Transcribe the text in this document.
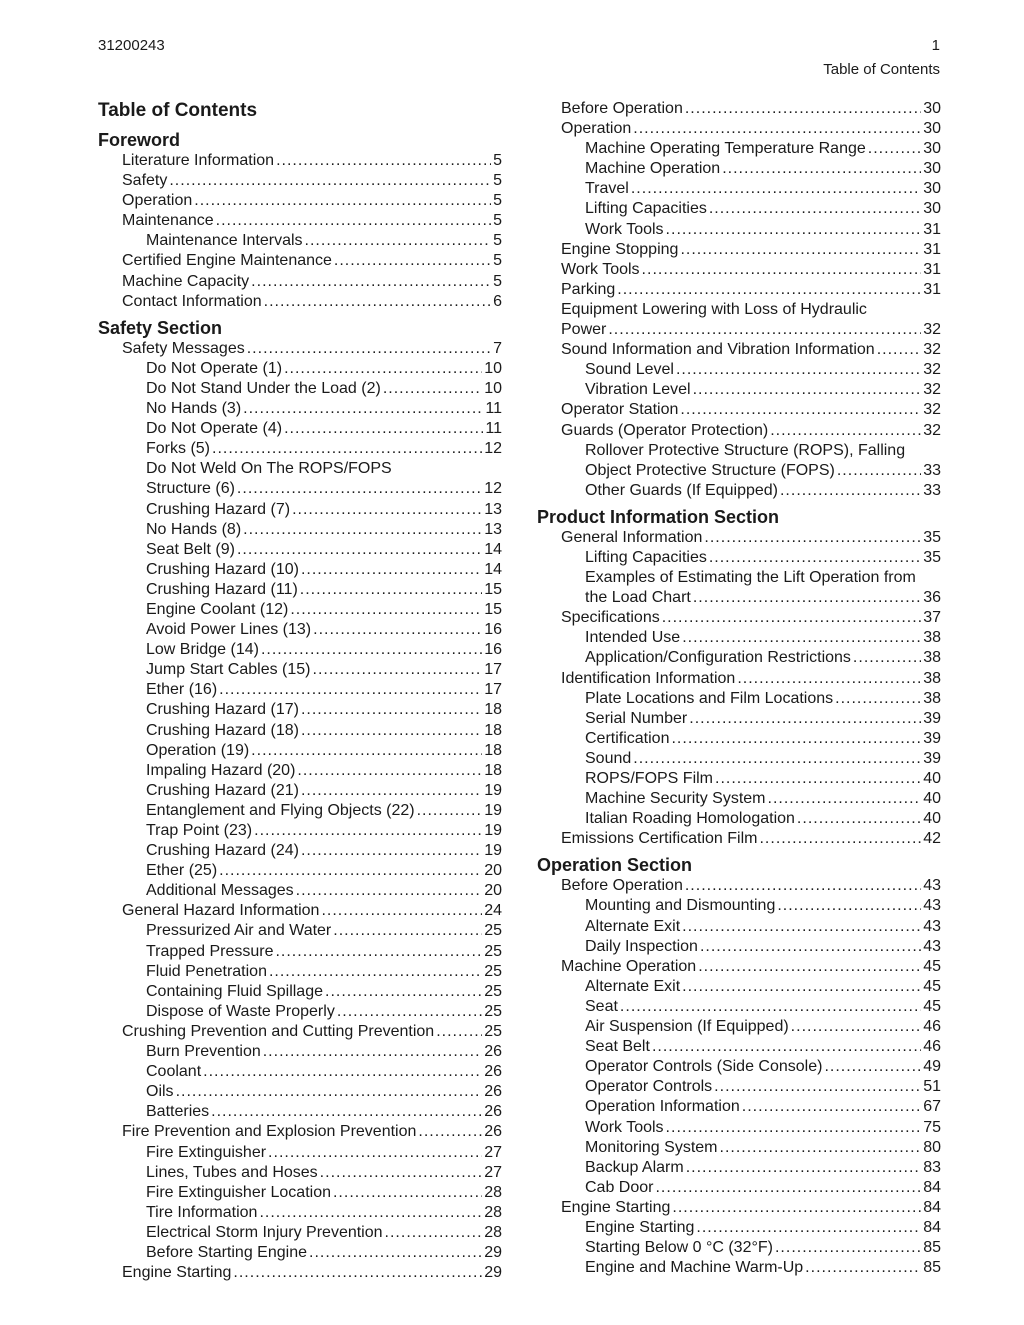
31200243	1
Table of Contents
Table of Contents
Foreword
Literature Information .....	5
Safety .....	5
Operation .....	5
Maintenance .....	5
Maintenance Intervals .....	5
Certified Engine Maintenance .....	5
Machine Capacity .....	5
Contact Information .....	6
Safety Section
Safety Messages .....	7
Do Not Operate (1) .....	10
Do Not Stand Under the Load (2) .....	10
No Hands (3) .....	11
Do Not Operate (4) .....	11
Forks (5) .....	12
Do Not Weld On The ROPS/FOPS
Structure (6) .....	12
Crushing Hazard (7) .....	13
No Hands (8) .....	13
Seat Belt (9) .....	14
Crushing Hazard (10) .....	14
Crushing Hazard (11) .....	15
Engine Coolant (12) .....	15
Avoid Power Lines (13) .....	16
Low Bridge (14) .....	16
Jump Start Cables (15) .....	17
Ether (16) .....	17
Crushing Hazard (17) .....	18
Crushing Hazard (18) .....	18
Operation (19) .....	18
Impaling Hazard (20) .....	18
Crushing Hazard (21) .....	19
Entanglement and Flying Objects (22) .....	19
Trap Point (23) .....	19
Crushing Hazard (24) .....	19
Ether (25) .....	20
Additional Messages .....	20
General Hazard Information .....	24
Pressurized Air and Water .....	25
Trapped Pressure .....	25
Fluid Penetration .....	25
Containing Fluid Spillage .....	25
Dispose of Waste Properly .....	25
Crushing Prevention and Cutting Prevention .....	25
Burn Prevention .....	26
Coolant .....	26
Oils .....	26
Batteries .....	26
Fire Prevention and Explosion Prevention .....	26
Fire Extinguisher .....	27
Lines, Tubes and Hoses .....	27
Fire Extinguisher Location .....	28
Tire Information .....	28
Electrical Storm Injury Prevention .....	28
Before Starting Engine .....	29
Engine Starting .....	29
Before Operation .....	30
Operation .....	30
Machine Operating Temperature Range .....	30
Machine Operation .....	30
Travel .....	30
Lifting Capacities .....	30
Work Tools .....	31
Engine Stopping .....	31
Work Tools .....	31
Parking .....	31
Equipment Lowering with Loss of Hydraulic
Power .....	32
Sound Information and Vibration Information .....	32
Sound Level .....	32
Vibration Level .....	32
Operator Station .....	32
Guards (Operator Protection) .....	32
Rollover Protective Structure (ROPS), Falling
Object Protective Structure (FOPS) .....	33
Other Guards (If Equipped) .....	33
Product Information Section
General Information .....	35
Lifting Capacities .....	35
Examples of Estimating the Lift Operation from
the Load Chart .....	36
Specifications .....	37
Intended Use .....	38
Application/Configuration Restrictions .....	38
Identification Information .....	38
Plate Locations and Film Locations .....	38
Serial Number .....	39
Certification .....	39
Sound .....	39
ROPS/FOPS Film .....	40
Machine Security System .....	40
Italian Roading Homologation .....	40
Emissions Certification Film .....	42
Operation Section
Before Operation .....	43
Mounting and Dismounting .....	43
Alternate Exit .....	43
Daily Inspection .....	43
Machine Operation .....	45
Alternate Exit .....	45
Seat .....	45
Air Suspension (If Equipped) .....	46
Seat Belt .....	46
Operator Controls (Side Console) .....	49
Operator Controls .....	51
Operation Information .....	67
Work Tools .....	75
Monitoring System .....	80
Backup Alarm .....	83
Cab Door .....	84
Engine Starting .....	84
Engine Starting .....	84
Starting Below 0 °C (32°F) .....	85
Engine and Machine Warm-Up .....	85
